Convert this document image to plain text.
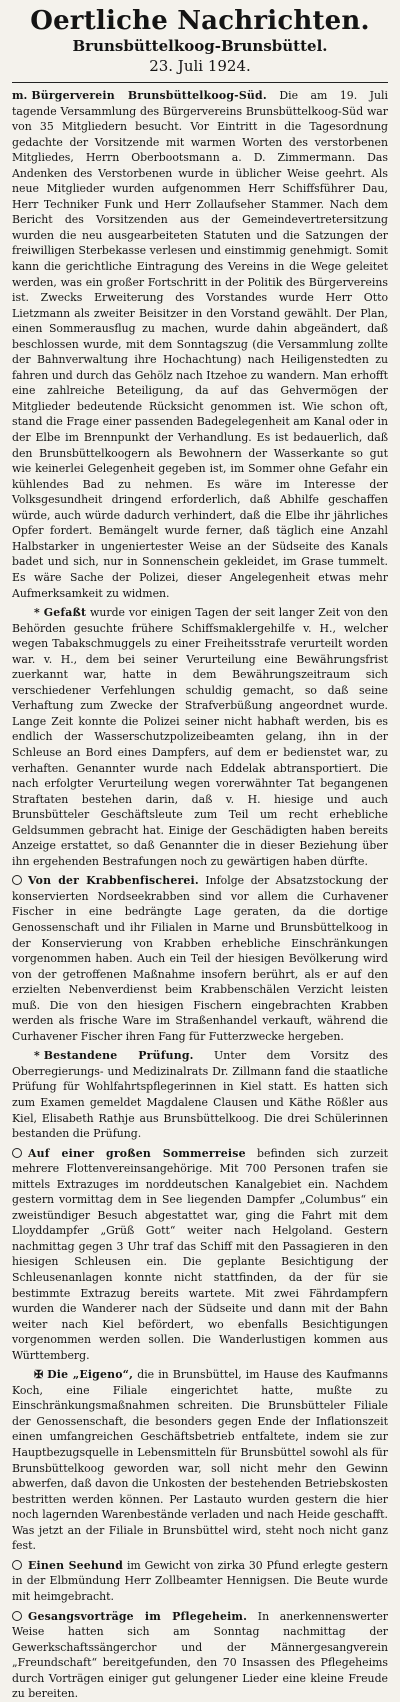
Oertliche Nachrichten.
Brunsbüttelkoog-Brunsbüttel.
23. Juli 1924.

m. Bürgerverein Brunsbüttelkoog-Süd. Die am 19. Juli tagende Versammlung des Bürgervereins Brunsbüttelkoog-Süd war von 35 Mitgliedern besucht. Vor Eintritt in die Tagesordnung gedachte der Vorsitzende mit warmen Worten des verstorbenen Mitgliedes, Herrn Oberbootsmann a. D. Zimmermann. Das Andenken des Verstorbenen wurde in üblicher Weise geehrt. Als neue Mitglieder wurden aufgenommen Herr Schiffsführer Dau, Herr Techniker Funk und Herr Zollaufseher Stammer. Nach dem Bericht des Vorsitzenden aus der Gemeindevertretersitzung wurden die neu ausgearbeiteten Statuten und die Satzungen der freiwilligen Sterbekasse verlesen und einstimmig genehmigt. Somit kann die gerichtliche Eintragung des Vereins in die Wege geleitet werden, was ein großer Fortschritt in der Politik des Bürgervereins ist. Zwecks Erweiterung des Vorstandes wurde Herr Otto Lietzmann als zweiter Beisitzer in den Vorstand gewählt. Der Plan, einen Sommerausflug zu machen, wurde dahin abgeändert, daß beschlossen wurde, mit dem Sonntagszug (die Versammlung zollte der Bahnverwaltung ihre Hochachtung) nach Heiligenstedten zu fahren und durch das Gehölz nach Itzehoe zu wandern. Man erhofft eine zahlreiche Beteiligung, da auf das Gehvermögen der Mitglieder bedeutende Rücksicht genommen ist. Wie schon oft, stand die Frage einer passenden Badegelegenheit am Kanal oder in der Elbe im Brennpunkt der Verhandlung. Es ist bedauerlich, daß den Brunsbüttelkoogern als Bewohnern der Wasserkante so gut wie keinerlei Gelegenheit gegeben ist, im Sommer ohne Gefahr ein kühlendes Bad zu nehmen. Es wäre im Interesse der Volksgesundheit dringend erforderlich, daß Abhilfe geschaffen würde, auch würde dadurch verhindert, daß die Elbe ihr jährliches Opfer fordert. Bemängelt wurde ferner, daß täglich eine Anzahl Halbstarker in ungeniertester Weise an der Südseite des Kanals badet und sich, nur in Sonnenschein gekleidet, im Grase tummelt. Es wäre Sache der Polizei, dieser Angelegenheit etwas mehr Aufmerksamkeit zu widmen.

* Gefaßt wurde vor einigen Tagen der seit langer Zeit von den Behörden gesuchte frühere Schiffsmaklergehilfe v. H., welcher wegen Tabakschmuggels zu einer Freiheitsstrafe verurteilt worden war. v. H., dem bei seiner Verurteilung eine Bewährungsfrist zuerkannt war, hatte in dem Bewährungszeitraum sich verschiedener Verfehlungen schuldig gemacht, so daß seine Verhaftung zum Zwecke der Strafverbüßung angeordnet wurde. Lange Zeit konnte die Polizei seiner nicht habhaft werden, bis es endlich der Wasserschutzpolizeibeamten gelang, ihn in der Schleuse an Bord eines Dampfers, auf dem er bedienstet war, zu verhaften. Genannter wurde nach Eddelak abtransportiert. Die nach erfolgter Verurteilung wegen vorerwähnter Tat begangenen Straftaten bestehen darin, daß v. H. hiesige und auch Brunsbütteler Geschäftsleute zum Teil um recht erhebliche Geldsummen gebracht hat. Einige der Geschädigten haben bereits Anzeige erstattet, so daß Genannter die in dieser Beziehung über ihn ergehenden Bestrafungen noch zu gewärtigen haben dürfte.

Von der Krabbenfischerei. Infolge der Absatzstockung der konservierten Nordseekrabben sind vor allem die Curhavener Fischer in eine bedrängte Lage geraten, da die dortige Genossenschaft und ihr Filialen in Marne und Brunsbüttelkoog in der Konservierung von Krabben erhebliche Einschränkungen vorgenommen haben. Auch ein Teil der hiesigen Bevölkerung wird von der getroffenen Maßnahme insofern berührt, als er auf den erzielten Nebenverdienst beim Krabbenschälen Verzicht leisten muß. Die von den hiesigen Fischern eingebrachten Krabben werden als frische Ware im Straßenhandel verkauft, während die Curhavener Fischer ihren Fang für Futterzwecke hergeben.

* Bestandene Prüfung. Unter dem Vorsitz des Oberregierungs- und Medizinalrats Dr. Zillmann fand die staatliche Prüfung für Wohlfahrtspflegerinnen in Kiel statt. Es hatten sich zum Examen gemeldet Magdalene Clausen und Käthe Rößler aus Kiel, Elisabeth Rathje aus Brunsbüttelkoog. Die drei Schülerinnen bestanden die Prüfung.

Auf einer großen Sommerreise befinden sich zurzeit mehrere Flottenvereinsangehörige. Mit 700 Personen trafen sie mittels Extrazuges im norddeutschen Kanalgebiet ein. Nachdem gestern vormittag dem in See liegenden Dampfer „Columbus“ ein zweistündiger Besuch abgestattet war, ging die Fahrt mit dem Lloyddampfer „Grüß Gott“ weiter nach Helgoland. Gestern nachmittag gegen 3 Uhr traf das Schiff mit den Passagieren in den hiesigen Schleusen ein. Die geplante Besichtigung der Schleusenanlagen konnte nicht stattfinden, da der für sie bestimmte Extrazug bereits wartete. Mit zwei Fährdampfern wurden die Wanderer nach der Südseite und dann mit der Bahn weiter nach Kiel befördert, wo ebenfalls Besichtigungen vorgenommen werden sollen. Die Wanderlustigen kommen aus Württemberg.

✠ Die „Eigeno“, die in Brunsbüttel, im Hause des Kaufmanns Koch, eine Filiale eingerichtet hatte, mußte zu Einschränkungsmaßnahmen schreiten. Die Brunsbütteler Filiale der Genossenschaft, die besonders gegen Ende der Inflationszeit einen umfangreichen Geschäftsbetrieb entfaltete, indem sie zur Hauptbezugsquelle in Lebensmitteln für Brunsbüttel sowohl als für Brunsbüttelkoog geworden war, soll nicht mehr den Gewinn abwerfen, daß davon die Unkosten der bestehenden Betriebskosten bestritten werden können. Per Lastauto wurden gestern die hier noch lagernden Warenbestände verladen und nach Heide geschafft. Was jetzt an der Filiale in Brunsbüttel wird, steht noch nicht ganz fest.

Einen Seehund im Gewicht von zirka 30 Pfund erlegte gestern in der Elbmündung Herr Zollbeamter Hennigsen. Die Beute wurde mit heimgebracht.

Gesangsvorträge im Pflegeheim. In anerkennenswerter Weise hatten sich am Sonntag nachmittag der Gewerkschaftssängerchor und der Männergesangverein „Freundschaft“ bereitgefunden, den 70 Insassen des Pflegeheims durch Vorträgen einiger gut gelungener Lieder eine kleine Freude zu bereiten.
